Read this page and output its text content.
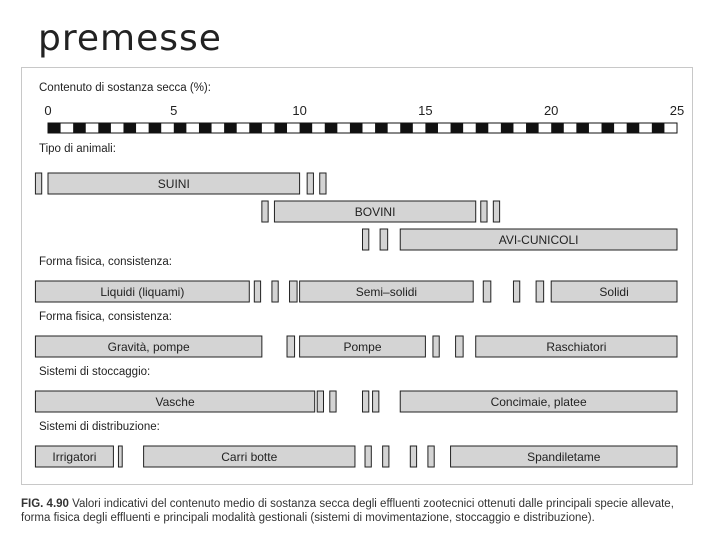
premesse
Contenuto di sostanza secca (%):
0	5	10	15	20	25
Tipo di animali:
SUINI
BOVINI
AVI-CUNICOLI
Forma fisica, consistenza:
Liquidi (liquami)	Semi–solidi	Solidi
Forma fisica, consistenza:
Gravità, pompe	Pompe	Raschiatori
Sistemi di stoccaggio:
Vasche	Concimaie, platee
Sistemi di distribuzione:
Irrigatori	Carri botte	Spandiletame
FIG. 4.90 Valori indicativi del contenuto medio di sostanza secca degli effluenti zootecnici ottenuti dalle principali specie allevate, forma fisica degli effluenti e principali modalità gestionali (sistemi di movimentazione, stoccaggio e distribuzione).
